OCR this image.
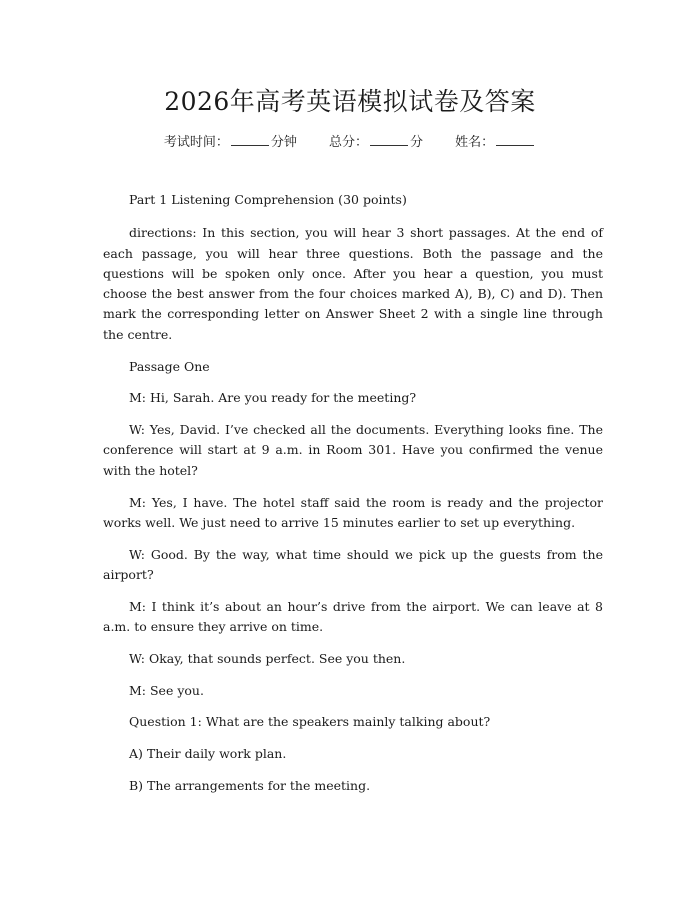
2026年高考英语模拟试卷及答案
考试时间：	分钟 总分：	分 姓名：

Part 1 Listening Comprehension (30 points)

directions: In this section, you will hear 3 short passages. At the end of each passage, you will hear three questions. Both the passage and the questions will be spoken only once. After you hear a question, you must choose the best answer from the four choices marked A), B), C) and D). Then mark the corresponding letter on Answer Sheet 2 with a single line through the centre.

Passage One

M: Hi, Sarah. Are you ready for the meeting?

W: Yes, David. I’ve checked all the documents. Everything looks fine. The conference will start at 9 a.m. in Room 301. Have you confirmed the venue with the hotel?

M: Yes, I have. The hotel staff said the room is ready and the projector works well. We just need to arrive 15 minutes earlier to set up everything.

W: Good. By the way, what time should we pick up the guests from the airport?

M: I think it’s about an hour’s drive from the airport. We can leave at 8 a.m. to ensure they arrive on time.

W: Okay, that sounds perfect. See you then.

M: See you.

Question 1: What are the speakers mainly talking about?

A) Their daily work plan.

B) The arrangements for the meeting.
